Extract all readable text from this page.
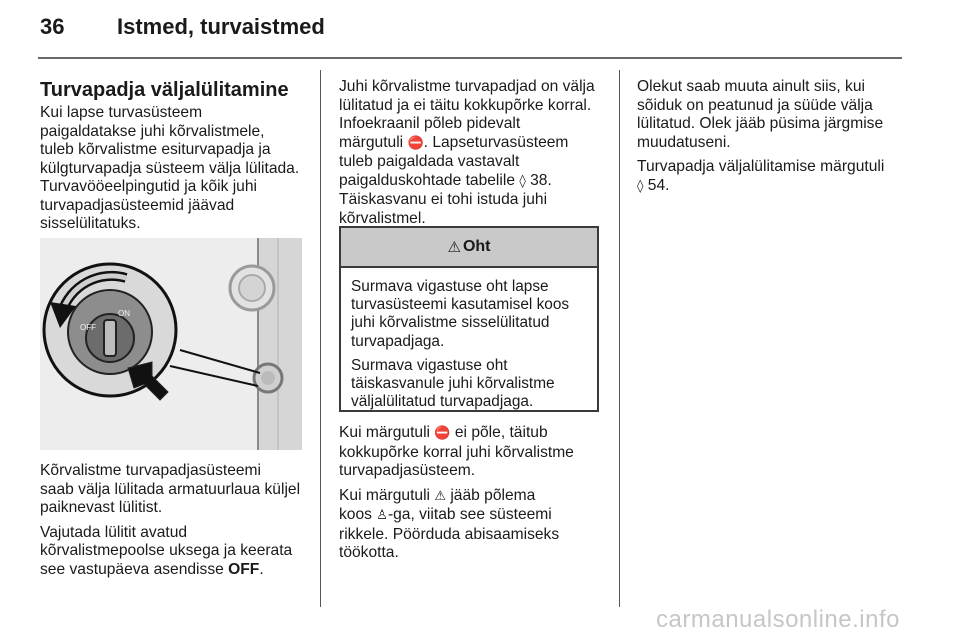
36 Istmed, turvaistmed
Turvapadja väljalülitamine

Kui lapse turvasüsteem
paigaldatakse juhi kõrvalistmele,
tuleb kõrvalistme esiturvapadja ja
külgturvapadja süsteem välja lülitada.
Turvavööeelpingutid ja kõik juhi
turvapadjasüsteemid jäävad
sisselülitatuks.

ON
OFF

Kõrvalistme turvapadjasüsteemi
saab välja lülitada armatuurlaua küljel
paiknevast lülitist.

Vajutada lülitit avatud
kõrvalistmepoolse uksega ja keerata
see vastupäeva asendisse OFF.

Juhi kõrvalistme turvapadjad on välja
lülitatud ja ei täitu kokkupõrke korral.
Infoekraanil põleb pidevalt
märgutuli ⛔. Lapseturvasüsteem
tuleb paigaldada vastavalt
paigalduskohtade tabelile ◊ 38.
Täiskasvanu ei tohi istuda juhi
kõrvalistmel.

⚠ Oht

Surmava vigastuse oht lapse
turvasüsteemi kasutamisel koos
juhi kõrvalistme sisselülitatud
turvapadjaga.

Surmava vigastuse oht
täiskasvanule juhi kõrvalistme
väljalülitatud turvapadjaga.

Kui märgutuli ⛔ ei põle, täitub
kokkupõrke korral juhi kõrvalistme
turvapadjasüsteem.

Kui märgutuli ⚠ jääb põlema
koos ♙-ga, viitab see süsteemi
rikkele. Pöörduda abisaamiseks
töökotta.

Olekut saab muuta ainult siis, kui
sõiduk on peatunud ja süüde välja
lülitatud. Olek jääb püsima järgmise
muudatuseni.

Turvapadja väljalülitamise märgutuli
◊ 54.

carmanualsonline.info
